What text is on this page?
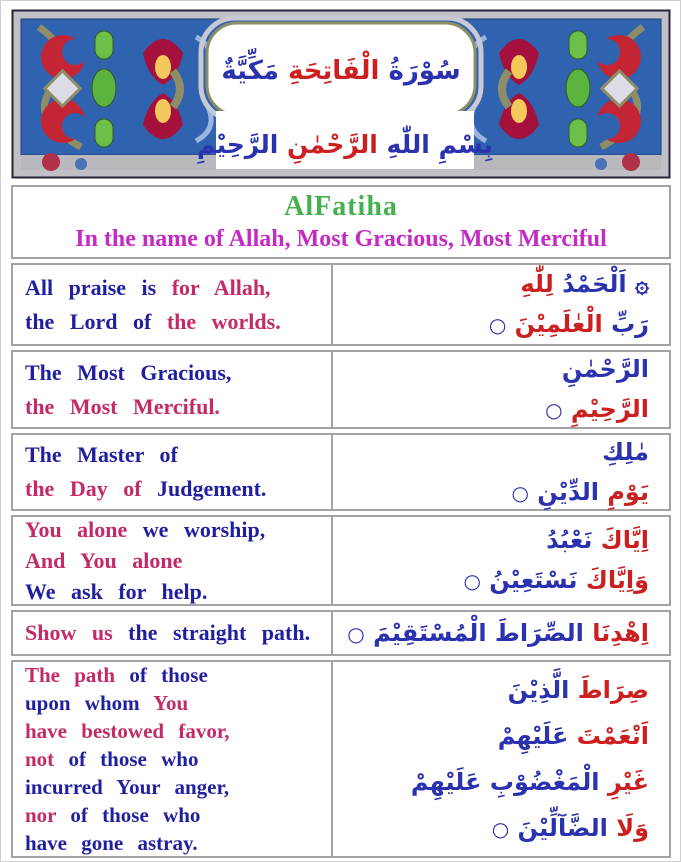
سُوْرَةُ الْفَاتِحَةِ مَكِّيَّةٌ
بِسْمِ اللّٰهِ الرَّحْمٰنِ الرَّحِيْمِ
AlFatiha
In the name of Allah, Most Gracious, Most Merciful
All praise is for Allah,
the Lord of the worlds.
۞ اَلْحَمْدُ لِلّٰهِ
رَبِّ الْعٰلَمِيْنَ ○
The Most Gracious,
the Most Merciful.
الرَّحْمٰنِ
الرَّحِيْمِ ○
The Master of
the Day of Judgement.
مٰلِكِ
يَوْمِ الدِّيْنِ ○
You alone we worship,
And You alone
We ask for help.
اِيَّاكَ نَعْبُدُ
وَاِيَّاكَ نَسْتَعِيْنُ ○
Show us the straight path.	اِهْدِنَا الصِّرَاطَ الْمُسْتَقِيْمَ ○
The path of those
upon whom You
have bestowed favor,
not of those who
incurred Your anger,
nor of those who
have gone astray.
صِرَاطَ الَّذِيْنَ
اَنْعَمْتَ عَلَيْهِمْ
غَيْرِ الْمَغْضُوْبِ عَلَيْهِمْ
وَلَا الضَّآلِّيْنَ ○
